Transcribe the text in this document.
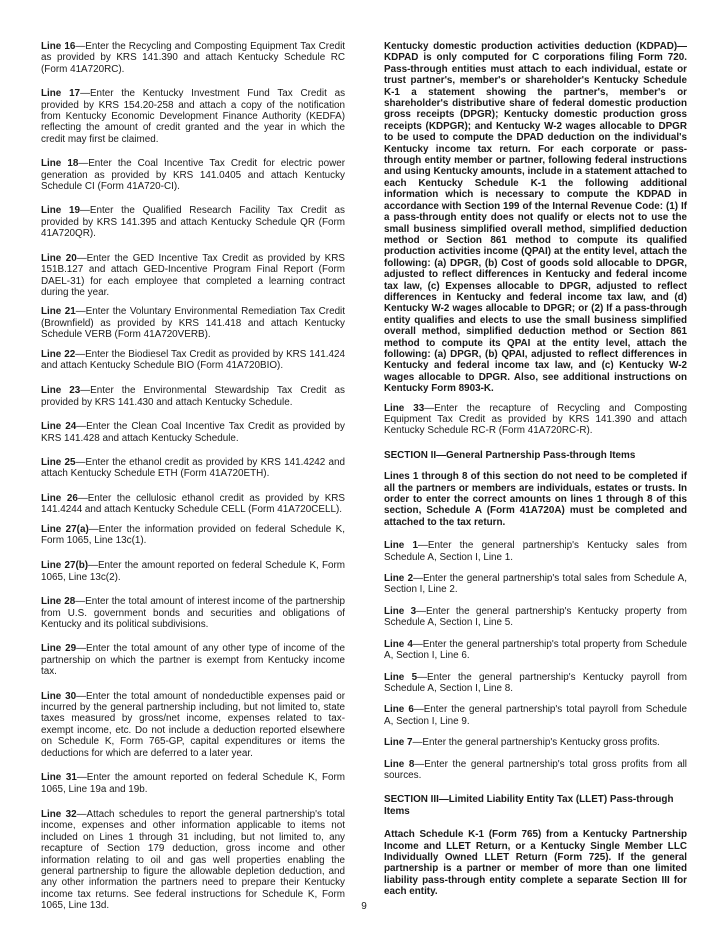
Line 16—Enter the Recycling and Composting Equipment Tax Credit as provided by KRS 141.390 and attach Kentucky Schedule RC (Form 41A720RC).

Line 17—Enter the Kentucky Investment Fund Tax Credit as provided by KRS 154.20-258 and attach a copy of the notification from Kentucky Economic Development Finance Authority (KEDFA) reflecting the amount of credit granted and the year in which the credit may first be claimed.

Line 18—Enter the Coal Incentive Tax Credit for electric power generation as provided by KRS 141.0405 and attach Kentucky Schedule CI (Form 41A720-CI).

Line 19—Enter the Qualified Research Facility Tax Credit as provided by KRS 141.395 and attach Kentucky Schedule QR (Form 41A720QR).

Line 20—Enter the GED Incentive Tax Credit as provided by KRS 151B.127 and attach GED-Incentive Program Final Report (Form DAEL-31) for each employee that completed a learning contract during the year.

Line 21—Enter the Voluntary Environmental Remediation Tax Credit (Brownfield) as provided by KRS 141.418 and attach Kentucky Schedule VERB (Form 41A720VERB).

Line 22—Enter the Biodiesel Tax Credit as provided by KRS 141.424 and attach Kentucky Schedule BIO (Form 41A720BIO).

Line 23—Enter the Environmental Stewardship Tax Credit as provided by KRS 141.430 and attach Kentucky Schedule.

Line 24—Enter the Clean Coal Incentive Tax Credit as provided by KRS 141.428 and attach Kentucky Schedule.

Line 25—Enter the ethanol credit as provided by KRS 141.4242 and attach Kentucky Schedule ETH (Form 41A720ETH).

Line 26—Enter the cellulosic ethanol credit as provided by KRS 141.4244 and attach Kentucky Schedule CELL (Form 41A720CELL).

Line 27(a)—Enter the information provided on federal Schedule K, Form 1065, Line 13c(1).

Line 27(b)—Enter the amount reported on federal Schedule K, Form 1065, Line 13c(2).

Line 28—Enter the total amount of interest income of the partnership from U.S. government bonds and securities and obligations of Kentucky and its political subdivisions.

Line 29—Enter the total amount of any other type of income of the partnership on which the partner is exempt from Kentucky income tax.

Line 30—Enter the total amount of nondeductible expenses paid or incurred by the general partnership including, but not limited to, state taxes measured by gross/net income, expenses related to tax-exempt income, etc. Do not include a deduction reported elsewhere on Schedule K, Form 765-GP, capital expenditures or items the deductions for which are deferred to a later year.

Line 31—Enter the amount reported on federal Schedule K, Form 1065, Line 19a and 19b.

Line 32—Attach schedules to report the general partnership's total income, expenses and other information applicable to items not included on Lines 1 through 31 including, but not limited to, any recapture of Section 179 deduction, gross income and other information relating to oil and gas well properties enabling the general partnership to figure the allowable depletion deduction, and any other information the partners need to prepare their Kentucky income tax returns. See federal instructions for Schedule K, Form 1065, Line 13d.

Kentucky domestic production activities deduction (KDPAD)—KDPAD is only computed for C corporations filing Form 720. Pass-through entities must attach to each individual, estate or trust partner's, member's or shareholder's Kentucky Schedule K-1 a statement showing the partner's, member's or shareholder's distributive share of federal domestic production gross receipts (DPGR); Kentucky domestic production gross receipts (KDPGR); and Kentucky W-2 wages allocable to DPGR to be used to compute the DPAD deduction on the individual's Kentucky income tax return. For each corporate or pass-through entity member or partner, following federal instructions and using Kentucky amounts, include in a statement attached to each Kentucky Schedule K-1 the following additional information which is necessary to compute the KDPAD in accordance with Section 199 of the Internal Revenue Code: (1) If a pass-through entity does not qualify or elects not to use the small business simplified overall method, simplified deduction method or Section 861 method to compute its qualified production activities income (QPAI) at the entity level, attach the following: (a) DPGR, (b) Cost of goods sold allocable to DPGR, adjusted to reflect differences in Kentucky and federal income tax law, (c) Expenses allocable to DPGR, adjusted to reflect differences in Kentucky and federal income tax law, and (d) Kentucky W-2 wages allocable to DPGR; or (2) If a pass-through entity qualifies and elects to use the small business simplified overall method, simplified deduction method or Section 861 method to compute its QPAI at the entity level, attach the following: (a) DPGR, (b) QPAI, adjusted to reflect differences in Kentucky and federal income tax law, and (c) Kentucky W-2 wages allocable to DPGR. Also, see additional instructions on Kentucky Form 8903-K.

Line 33—Enter the recapture of Recycling and Composting Equipment Tax Credit as provided by KRS 141.390 and attach Kentucky Schedule RC-R (Form 41A720RC-R).

SECTION II—General Partnership Pass-through Items

Lines 1 through 8 of this section do not need to be completed if all the partners or members are individuals, estates or trusts. In order to enter the correct amounts on lines 1 through 8 of this section, Schedule A (Form 41A720A) must be completed and attached to the tax return.

Line 1—Enter the general partnership's Kentucky sales from Schedule A, Section I, Line 1.

Line 2—Enter the general partnership's total sales from Schedule A, Section I, Line 2.

Line 3—Enter the general partnership's Kentucky property from Schedule A, Section I, Line 5.

Line 4—Enter the general partnership's total property from Schedule A, Section I, Line 6.

Line 5—Enter the general partnership's Kentucky payroll from Schedule A, Section I, Line 8.

Line 6—Enter the general partnership's total payroll from Schedule A, Section I, Line 9.

Line 7—Enter the general partnership's Kentucky gross profits.

Line 8—Enter the general partnership's total gross profits from all sources.

SECTION III—Limited Liability Entity Tax (LLET) Pass-through Items

Attach Schedule K-1 (Form 765) from a Kentucky Partnership Income and LLET Return, or a Kentucky Single Member LLC Individually Owned LLET Return (Form 725). If the general partnership is a partner or member of more than one limited liability pass-through entity complete a separate Section III for each entity.

9
